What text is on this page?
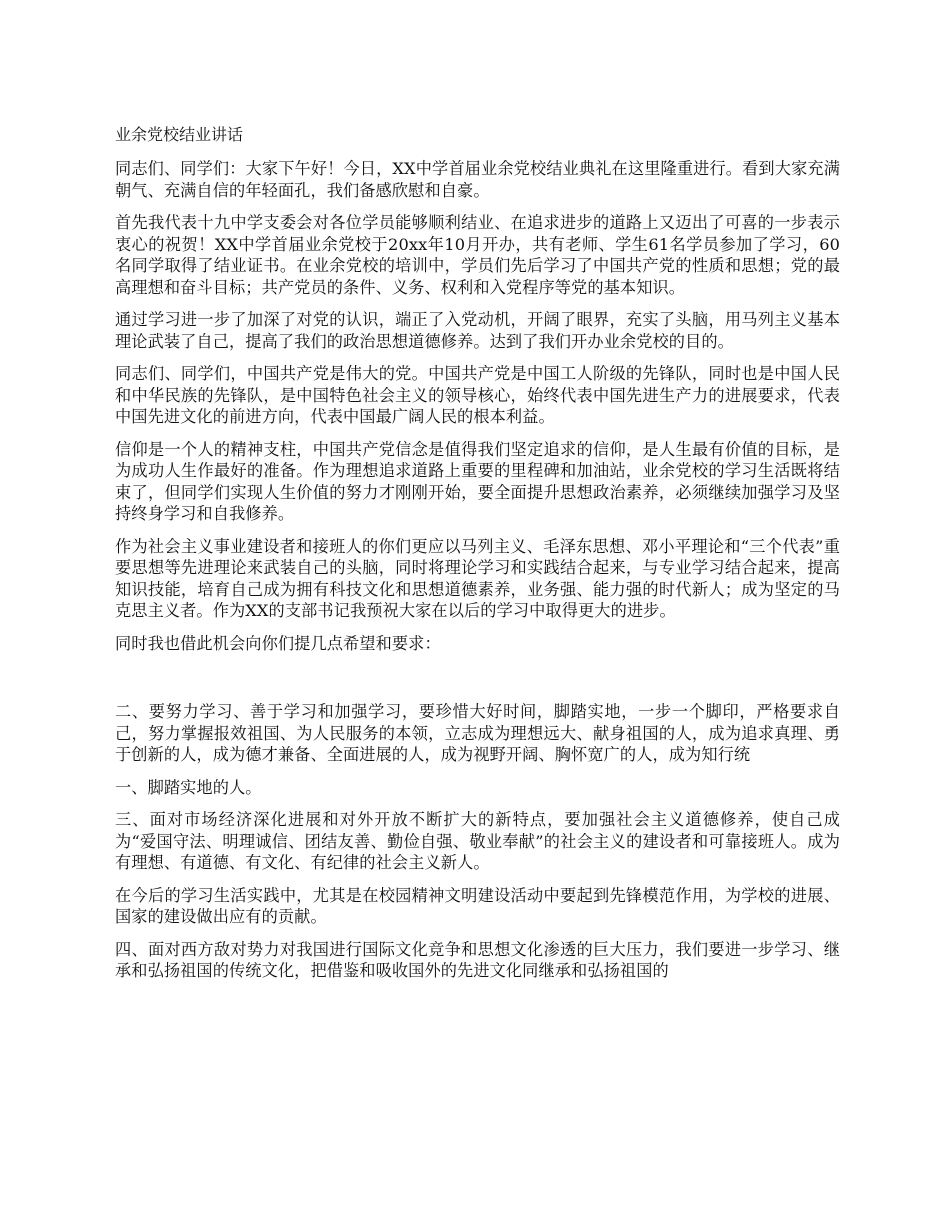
业余党校结业讲话

同志们、同学们：大家下午好！今日，XX中学首届业余党校结业典礼在这里隆重进行。看到大家充满朝气、充满自信的年轻面孔，我们备感欣慰和自豪。

首先我代表十九中学支委会对各位学员能够顺利结业、在追求进步的道路上又迈出了可喜的一步表示衷心的祝贺！XX中学首届业余党校于20xx年10月开办，共有老师、学生61名学员参加了学习，60名同学取得了结业证书。在业余党校的培训中，学员们先后学习了中国共产党的性质和思想；党的最高理想和奋斗目标；共产党员的条件、义务、权利和入党程序等党的基本知识。

通过学习进一步了加深了对党的认识，端正了入党动机，开阔了眼界，充实了头脑，用马列主义基本理论武装了自己，提高了我们的政治思想道德修养。达到了我们开办业余党校的目的。

同志们、同学们，中国共产党是伟大的党。中国共产党是中国工人阶级的先锋队，同时也是中国人民和中华民族的先锋队，是中国特色社会主义的领导核心，始终代表中国先进生产力的进展要求，代表中国先进文化的前进方向，代表中国最广阔人民的根本利益。

信仰是一个人的精神支柱，中国共产党信念是值得我们坚定追求的信仰，是人生最有价值的目标，是为成功人生作最好的准备。作为理想追求道路上重要的里程碑和加油站，业余党校的学习生活既将结束了，但同学们实现人生价值的努力才刚刚开始，要全面提升思想政治素养，必须继续加强学习及坚持终身学习和自我修养。

作为社会主义事业建设者和接班人的你们更应以马列主义、毛泽东思想、邓小平理论和“三个代表”重要思想等先进理论来武装自己的头脑，同时将理论学习和实践结合起来，与专业学习结合起来，提高知识技能，培育自己成为拥有科技文化和思想道德素养，业务强、能力强的时代新人；成为坚定的马克思主义者。作为XX的支部书记我预祝大家在以后的学习中取得更大的进步。

同时我也借此机会向你们提几点希望和要求：

二、要努力学习、善于学习和加强学习，要珍惜大好时间，脚踏实地，一步一个脚印，严格要求自己，努力掌握报效祖国、为人民服务的本领，立志成为理想远大、献身祖国的人，成为追求真理、勇于创新的人，成为德才兼备、全面进展的人，成为视野开阔、胸怀宽广的人，成为知行统

一、脚踏实地的人。

三、面对市场经济深化进展和对外开放不断扩大的新特点，要加强社会主义道德修养，使自己成为“爱国守法、明理诚信、团结友善、勤俭自强、敬业奉献”的社会主义的建设者和可靠接班人。成为有理想、有道德、有文化、有纪律的社会主义新人。

在今后的学习生活实践中，尤其是在校园精神文明建设活动中要起到先锋模范作用，为学校的进展、国家的建设做出应有的贡献。

四、面对西方敌对势力对我国进行国际文化竞争和思想文化渗透的巨大压力，我们要进一步学习、继承和弘扬祖国的传统文化，把借鉴和吸收国外的先进文化同继承和弘扬祖国的
